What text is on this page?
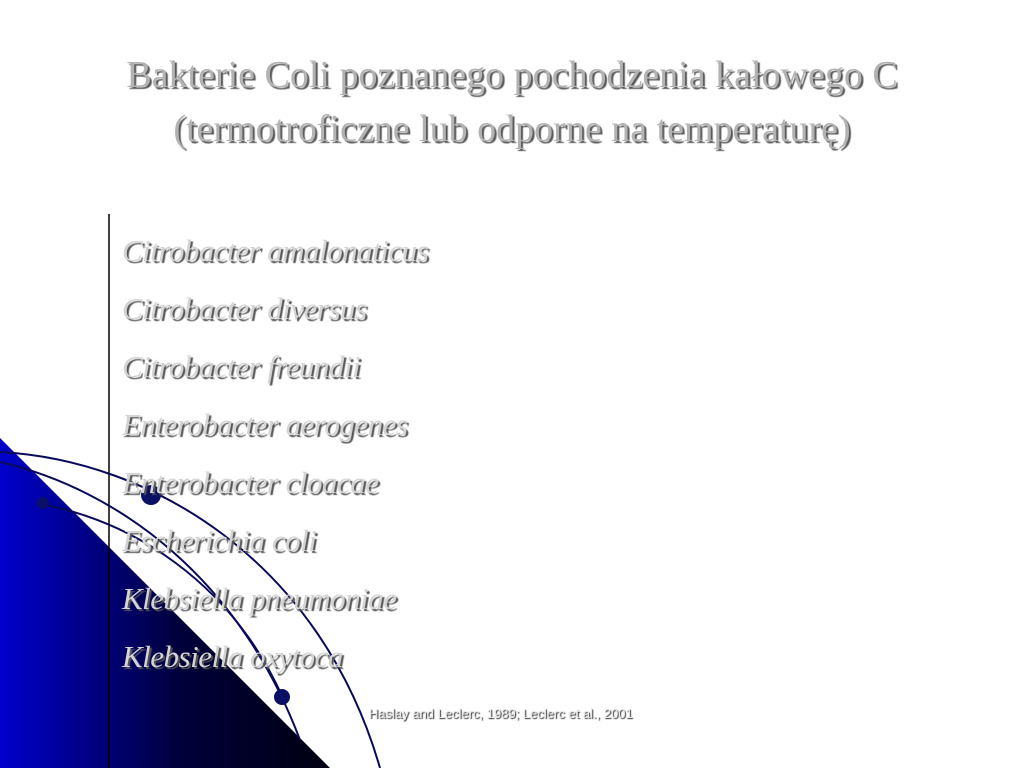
Bakterie Coli poznanego pochodzenia kałowego C
(termotroficzne lub odporne na temperaturę)
Citrobacter amalonaticus
Citrobacter diversus
Citrobacter freundii
Enterobacter aerogenes
Enterobacter cloacae
Escherichia coli
Klebsiella pneumoniae
Klebsiella oxytoca
Haslay and Leclerc, 1989; Leclerc et al., 2001
